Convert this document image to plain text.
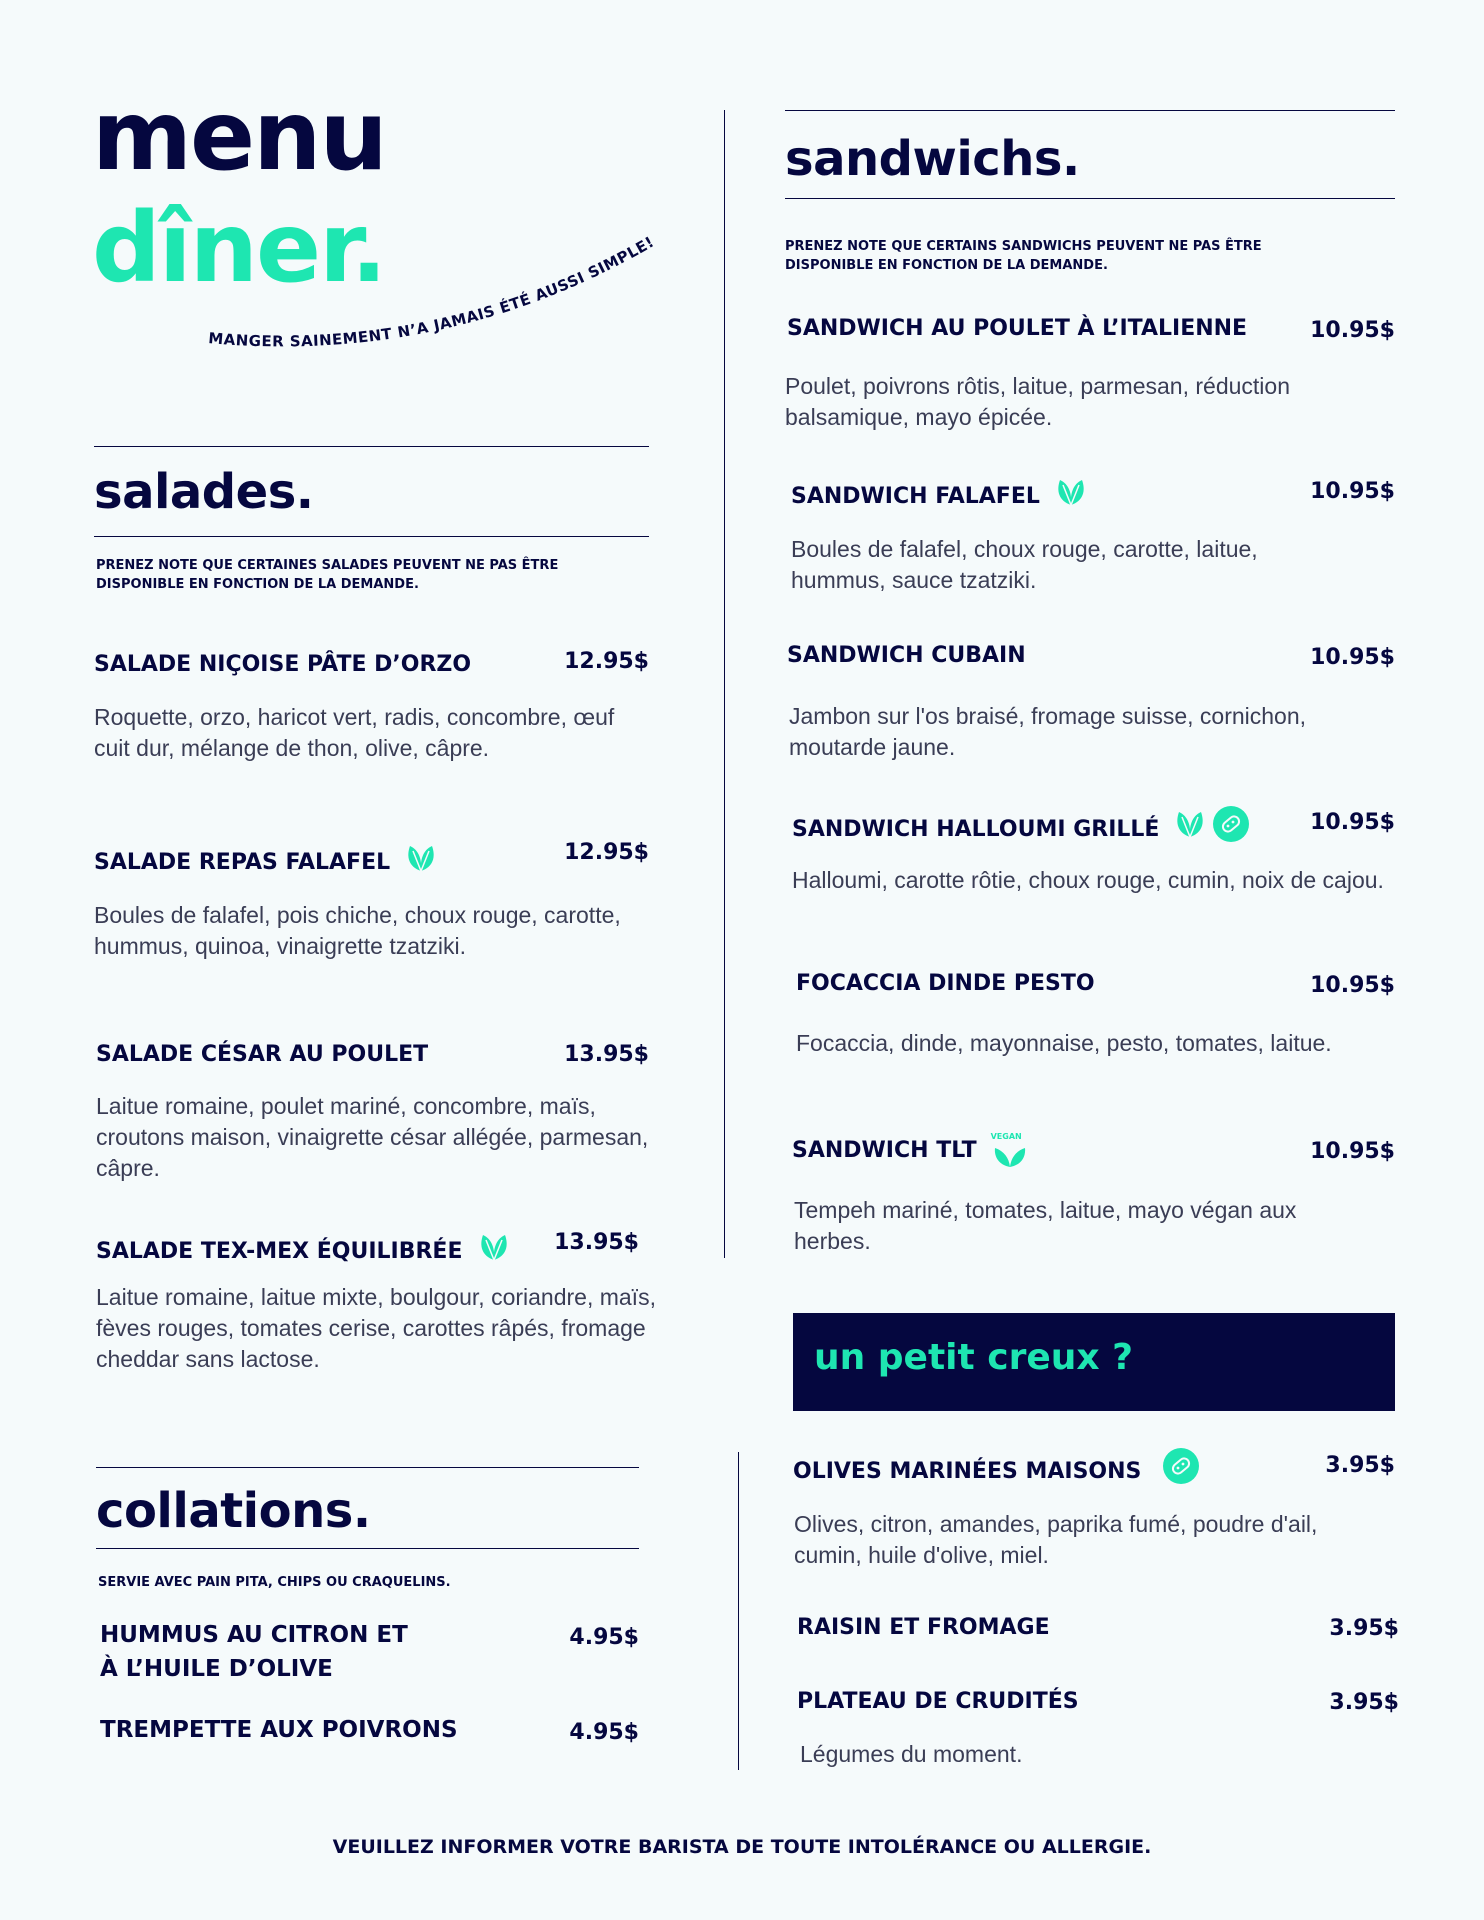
menu
dîner.
MANGER SAINEMENT N’A JAMAIS ÉTÉ AUSSI SIMPLE!
salades.
PRENEZ NOTE QUE CERTAINES SALADES PEUVENT NE PAS ÊTRE DISPONIBLE EN FONCTION DE LA DEMANDE.
SALADE NIÇOISE PÂTE D’ORZO	12.95$
Roquette, orzo, haricot vert, radis, concombre, œuf cuit dur, mélange de thon, olive, câpre.
SALADE REPAS FALAFEL	12.95$
Boules de falafel, pois chiche, choux rouge, carotte, hummus, quinoa, vinaigrette tzatziki.
SALADE CÉSAR AU POULET	13.95$
Laitue romaine, poulet mariné, concombre, maïs, croutons maison, vinaigrette césar allégée, parmesan, câpre.
SALADE TEX-MEX ÉQUILIBRÉE	13.95$
Laitue romaine, laitue mixte, boulgour, coriandre, maïs, fèves rouges, tomates cerise, carottes râpés, fromage cheddar sans lactose.
collations.
SERVIE AVEC PAIN PITA, CHIPS OU CRAQUELINS.
HUMMUS AU CITRON ET
À L’HUILE D’OLIVE
4.95$
TREMPETTE AUX POIVRONS	4.95$
sandwichs.
PRENEZ NOTE QUE CERTAINS SANDWICHS PEUVENT NE PAS ÊTRE DISPONIBLE EN FONCTION DE LA DEMANDE.
SANDWICH AU POULET À L’ITALIENNE	10.95$
Poulet, poivrons rôtis, laitue, parmesan, réduction balsamique, mayo épicée.
SANDWICH FALAFEL	10.95$
Boules de falafel, choux rouge, carotte, laitue, hummus, sauce tzatziki.
SANDWICH CUBAIN	10.95$
Jambon sur l'os braisé, fromage suisse, cornichon, moutarde jaune.
SANDWICH HALLOUMI GRILLÉ	10.95$
Halloumi, carotte rôtie, choux rouge, cumin, noix de cajou.
FOCACCIA DINDE PESTO	10.95$
Focaccia, dinde, mayonnaise, pesto, tomates, laitue.
SANDWICH TLT
VEGAN
10.95$
Tempeh mariné, tomates, laitue, mayo végan aux herbes.
un petit creux ?
OLIVES MARINÉES MAISONS	3.95$
Olives, citron, amandes, paprika fumé, poudre d'ail, cumin, huile d'olive, miel.
RAISIN ET FROMAGE	3.95$
PLATEAU DE CRUDITÉS	3.95$
Légumes du moment.
VEUILLEZ INFORMER VOTRE BARISTA DE TOUTE INTOLÉRANCE OU ALLERGIE.
